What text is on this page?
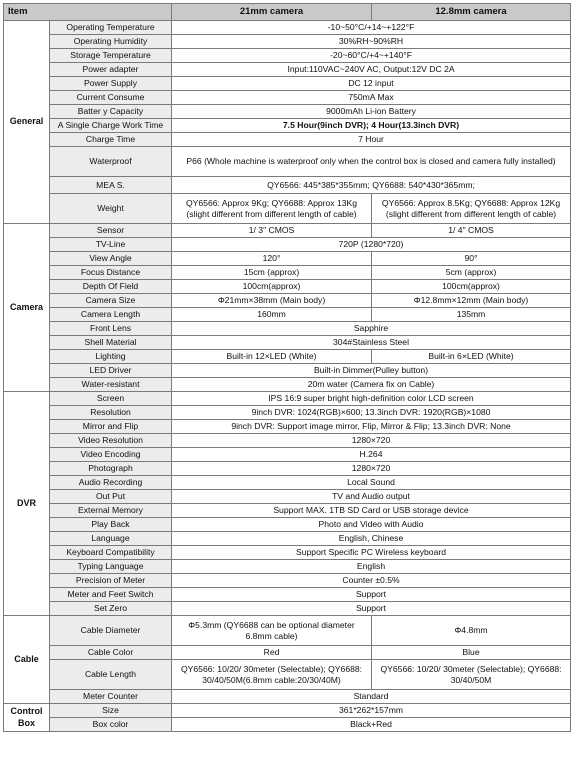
Item		21mm camera	12.8mm camera
General	Operating Temperature	-10~50°C/+14~+122°F	
	Operating Humidity	30%RH~90%RH	
	Storage Temperature	-20~60°C/+4~+140°F	
	Power adapter	Input:110VAC~240V AC, Output:12V DC 2A	
	Power Supply	DC 12 input	
	Current Consume	750mA Max	
	Batter y Capacity	9000mAh Li-ion Battery	
	A Single Charge Work Time	7.5 Hour(9inch DVR); 4 Hour(13.3inch DVR)	
	Charge Time	7 Hour	
	Waterproof	P66 (Whole machine is waterproof only when the control box is closed and camera fully installed)	
	MEA S.	QY6566: 445*385*355mm; QY6688: 540*430*365mm;	
	Weight	QY6566: Approx 9Kg; QY6688: Approx 13Kg (slight different from different length of cable)	QY6566: Approx 8.5Kg; QY6688: Approx 12Kg (slight different from different length of cable)
Camera	Sensor	1/ 3" CMOS	1/ 4" CMOS
	TV-Line	720P (1280*720)	
	View Angle	120°	90°
	Focus Distance	15cm (approx)	5cm (approx)
	Depth Of Field	100cm(approx)	100cm(approx)
	Camera Size	Φ21mm×38mm (Main body)	Φ12.8mm×12mm (Main body)
	Camera Length	160mm	135mm
	Front Lens	Sapphire	
	Shell Material	304#Stainless Steel	
	Lighting	Built-in 12×LED (White)	Built-in 6×LED (White)
	LED Driver	Built-in Dimmer(Pulley button)	
	Water-resistant	20m water (Camera fix on Cable)	
DVR	Screen	IPS 16:9 super bright high-definition color LCD screen	
	Resolution	9inch DVR: 1024(RGB)×600; 13.3inch DVR: 1920(RGB)×1080	
	Mirror and Flip	9inch DVR: Support image mirror, Flip, Mirror & Flip; 13.3inch DVR: None	
	Video Resolution	1280×720	
	Video Encoding	H.264	
	Photograph	1280×720	
	Audio Recording	Local Sound	
	Out Put	TV and Audio output	
	External Memory	Support MAX. 1TB SD Card or USB storage device	
	Play Back	Photo and Video with Audio	
	Language	English, Chinese	
	Keyboard Compatibility	Support Specific PC Wireless keyboard	
	Typing Language	English	
	Precision of Meter	Counter ±0.5%	
	Meter and Feet Switch	Support	
	Set Zero	Support	
Cable	Cable Diameter	Φ5.3mm (QY6688 can be optional diameter 6.8mm cable)	Φ4.8mm
	Cable Color	Red	Blue
	Cable Length	QY6566: 10/20/ 30meter (Selectable); QY6688: 30/40/50M(6.8mm cable:20/30/40M)	QY6566: 10/20/ 30meter (Selectable); QY6688: 30/40/50M
	Meter Counter	Standard	
Control Box	Size	361*262*157mm	
	Box color	Black+Red	
